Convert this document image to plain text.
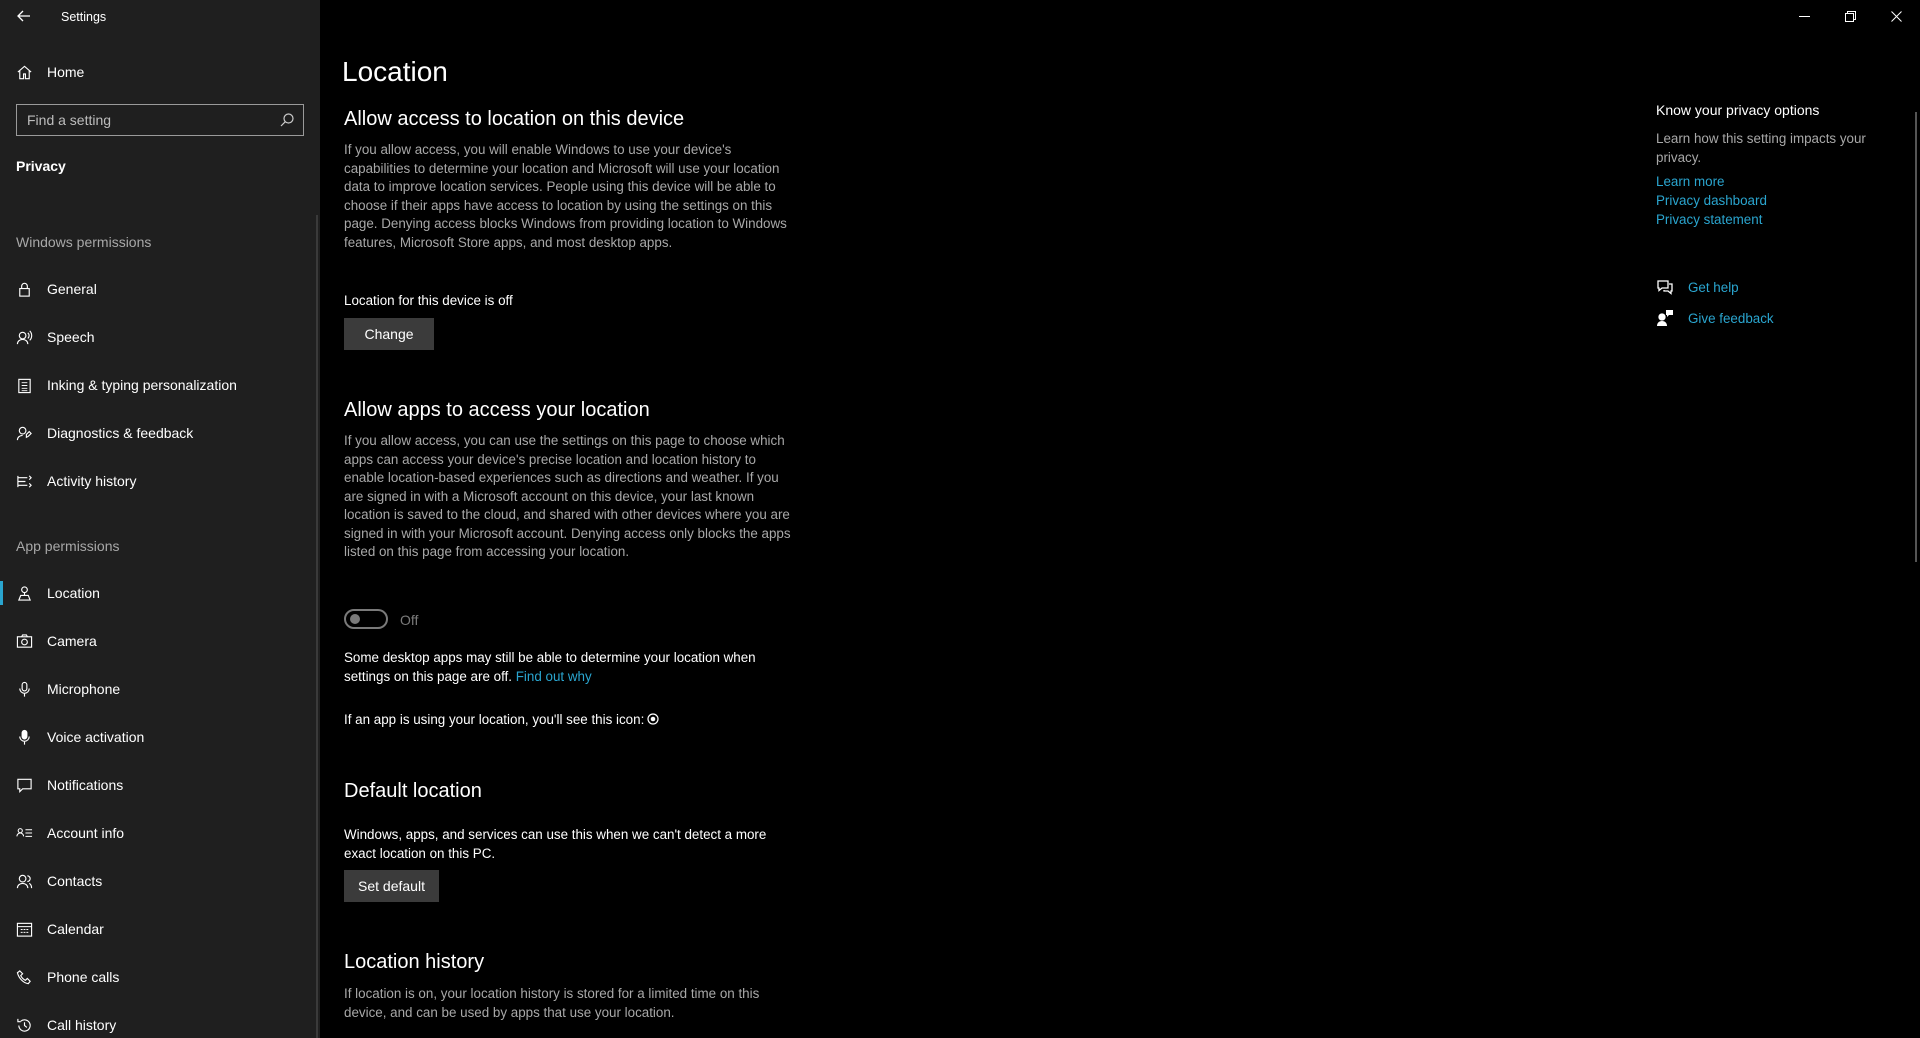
Settings
Home
Find a setting
Privacy
Windows permissions
General
Speech
Inking & typing personalization
Diagnostics & feedback
Activity history
App permissions
Location
Camera
Microphone
Voice activation
Notifications
Account info
Contacts
Calendar
Phone calls
Call history
Location
Allow access to location on this device

If you allow access, you will enable Windows to use your device's capabilities to determine your location and Microsoft will use your location data to improve location services. People using this device will be able to choose if their apps have access to location by using the settings on this page. Denying access blocks Windows from providing location to Windows features, Microsoft Store apps, and most desktop apps.

Location for this device is off

Change
Allow apps to access your location

If you allow access, you can use the settings on this page to choose which apps can access your device's precise location and location history to enable location-based experiences such as directions and weather. If you are signed in with a Microsoft account on this device, your last known location is saved to the cloud, and shared with other devices where you are signed in with your Microsoft account. Denying access only blocks the apps listed on this page from accessing your location.

Off

Some desktop apps may still be able to determine your location when settings on this page are off. Find out why

If an app is using your location, you'll see this icon:

Default location

Windows, apps, and services can use this when we can't detect a more exact location on this PC.

Set default
Location history

If location is on, your location history is stored for a limited time on this device, and can be used by apps that use your location.

Know your privacy options

Learn how this setting impacts your privacy.

Learn more
Privacy dashboard
Privacy statement
Get help
Give feedback
